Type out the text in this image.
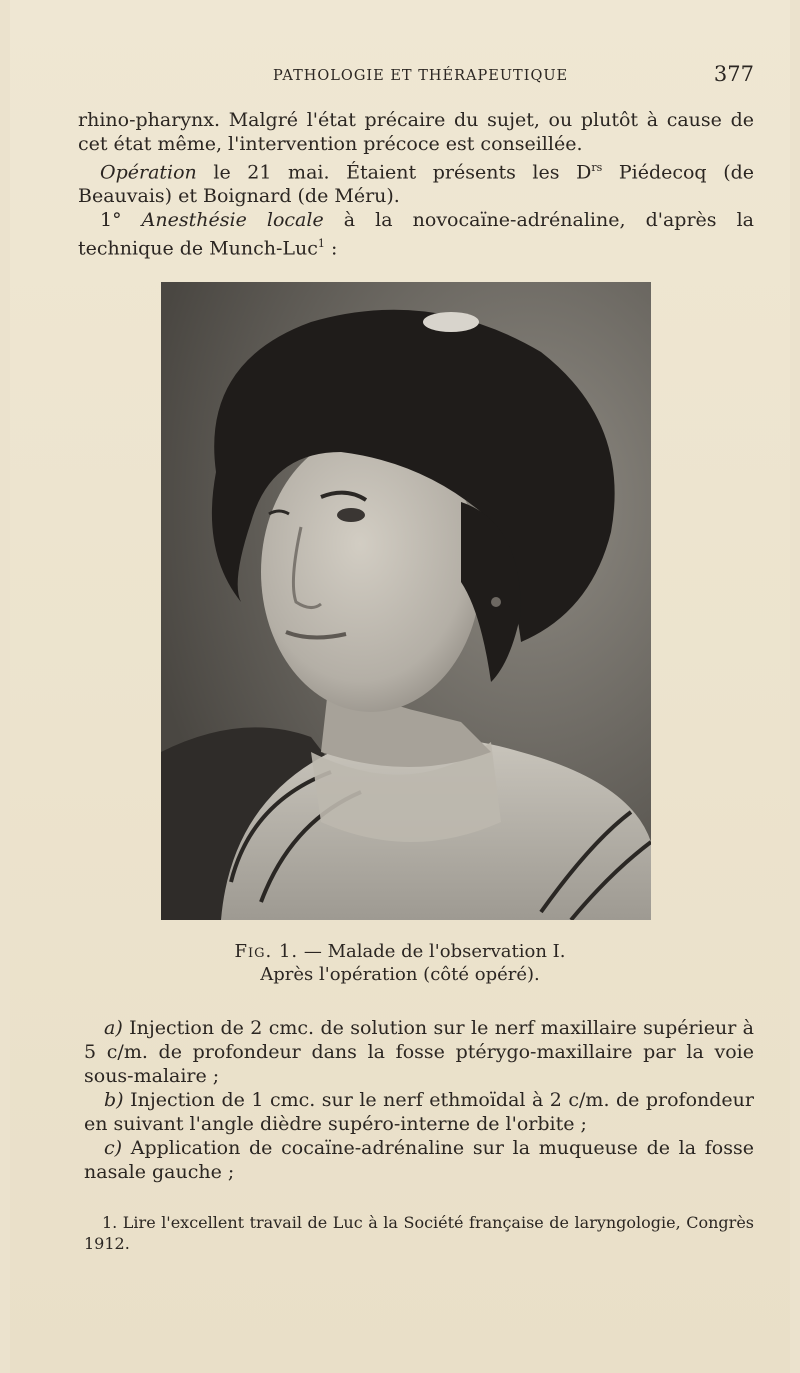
PATHOLOGIE ET THÉRAPEUTIQUE	377

rhino-pharynx. Malgré l'état précaire du sujet, ou plutôt à cause de cet état même, l'intervention précoce est conseillée.

Opération le 21 mai. Étaient présents les $D^{rs}$ Piédecoq (de Beauvais) et Boignard (de Méru).

1° Anesthésie locale à la novocaïne-adrénaline, d'après la technique de Munch-Luc$^1$ :

Fig. 1. — Malade de l'observation I.
Après l'opération (côté opéré).

a) Injection de 2 cmc. de solution sur le nerf maxillaire supérieur à 5 c/m. de profondeur dans la fosse ptérygo-maxillaire par la voie sous-malaire ;

b) Injection de 1 cmc. sur le nerf ethmoïdal à 2 c/m. de profondeur en suivant l'angle dièdre supéro-interne de l'orbite ;

c) Application de cocaïne-adrénaline sur la muqueuse de la fosse nasale gauche ;

1. Lire l'excellent travail de Luc à la Société française de laryngologie, Congrès 1912.
